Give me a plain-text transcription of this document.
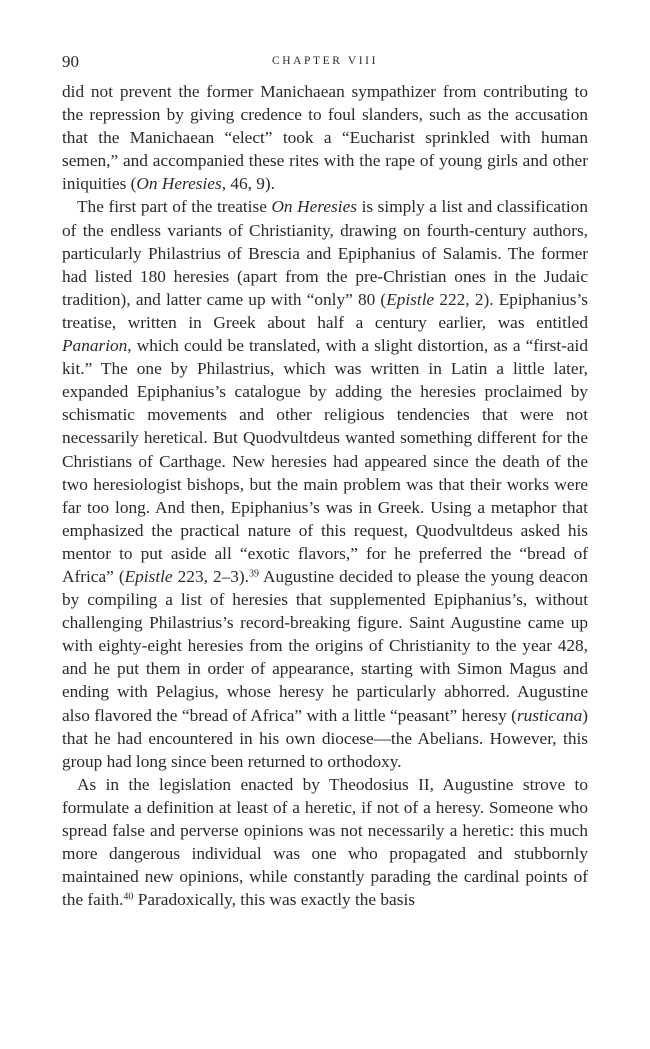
90	CHAPTER VIII

did not prevent the former Manichaean sympathizer from contributing to the repression by giving credence to foul slanders, such as the accusation that the Manichaean “elect” took a “Eucharist sprinkled with human semen,” and accompanied these rites with the rape of young girls and other iniquities (On Heresies, 46, 9).

The first part of the treatise On Heresies is simply a list and classification of the endless variants of Christianity, drawing on fourth-century authors, particularly Philastrius of Brescia and Epiphanius of Salamis. The former had listed 180 heresies (apart from the pre-Christian ones in the Judaic tradition), and latter came up with “only” 80 (Epistle 222, 2). Epiphanius’s treatise, written in Greek about half a century earlier, was entitled Panarion, which could be translated, with a slight distortion, as a “first-aid kit.” The one by Philastrius, which was written in Latin a little later, expanded Epiphanius’s catalogue by adding the heresies proclaimed by schismatic movements and other religious tendencies that were not necessarily heretical. But Quodvultdeus wanted something different for the Christians of Carthage. New heresies had appeared since the death of the two heresiologist bishops, but the main problem was that their works were far too long. And then, Epiphanius’s was in Greek. Using a metaphor that emphasized the practical nature of this request, Quodvultdeus asked his mentor to put aside all “exotic flavors,” for he preferred the “bread of Africa” (Epistle 223, 2–3).$^{39}$ Augustine decided to please the young deacon by compiling a list of heresies that supplemented Epiphanius’s, without challenging Philastrius’s record-breaking figure. Saint Augustine came up with eighty-eight heresies from the origins of Christianity to the year 428, and he put them in order of appearance, starting with Simon Magus and ending with Pelagius, whose heresy he particularly abhorred. Augustine also flavored the “bread of Africa” with a little “peasant” heresy (rusticana) that he had encountered in his own diocese—the Abelians. However, this group had long since been returned to orthodoxy.

As in the legislation enacted by Theodosius II, Augustine strove to formulate a definition at least of a heretic, if not of a heresy. Someone who spread false and perverse opinions was not necessarily a heretic: this much more dangerous individual was one who propagated and stubbornly maintained new opinions, while constantly parading the cardinal points of the faith.$^{40}$ Paradoxically, this was exactly the basis
